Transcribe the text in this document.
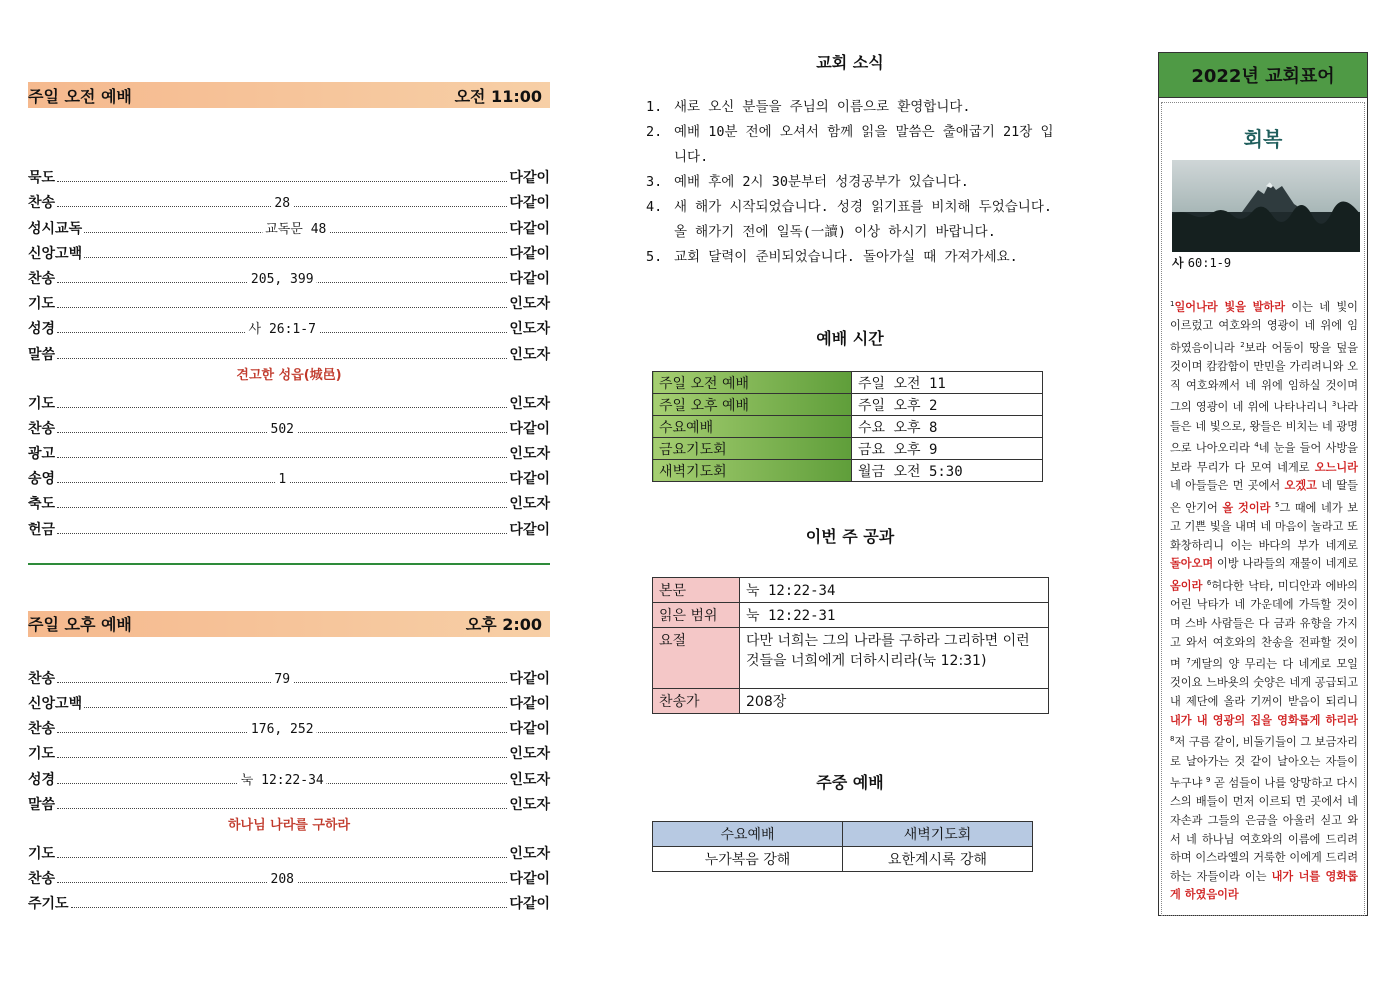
주일 오전 예배	오전 11:00
묵도	다같이
찬송	28	다같이
성시교독	교독문 48	다같이
신앙고백	다같이
찬송	205, 399	다같이
기도	인도자
성경	사 26:1-7	인도자
말씀	인도자
견고한 성읍(城邑)
기도	인도자
찬송	502	다같이
광고	인도자
송영	1	다같이
축도	인도자
헌금	다같이
주일 오후 예배	오후 2:00
찬송	79	다같이
신앙고백	다같이
찬송	176, 252	다같이
기도	인도자
성경	눅 12:22-34	인도자
말씀	인도자
하나님 나라를 구하라
기도	인도자
찬송	208	다같이
주기도	다같이
교회 소식
1. 새로 오신 분들을 주님의 이름으로 환영합니다.
2. 예배 10분 전에 오셔서 함께 읽을 말씀은 출애굽기 21장 입니다.
3. 예배 후에 2시 30분부터 성경공부가 있습니다.
4. 새 해가 시작되었습니다. 성경 읽기표를 비치해 두었습니다. 올 해가기 전에 일독(一讀) 이상 하시기 바랍니다.
5. 교회 달력이 준비되었습니다. 돌아가실 때 가져가세요.
예배 시간
주일 오전 예배	주일 오전 11
주일 오후 예배	주일 오후 2
수요예배	수요 오후 8
금요기도회	금요 오후 9
새벽기도회	월금 오전 5:30
이번 주 공과
본문	눅 12:22-34
읽은 범위	눅 12:22-31
요절	다만 너희는 그의 나라를 구하라 그리하면 이런 것들을 너희에게 더하시리라(눅 12:31)
찬송가	208장
주중 예배
수요예배	새벽기도회
누가복음 강해	요한계시록 강해
2022년 교회표어
회복
사 60:1-9
$^1$일어나라 빛을 발하라 이는 네 빛이 이르렀고 여호와의 영광이 네 위에 임하였음이니라 $^2$보라 어둠이 땅을 덮을 것이며 캄캄함이 만민을 가리려니와 오직 여호와께서 네 위에 임하실 것이며 그의 영광이 네 위에 나타나리니 $^3$나라들은 네 빛으로, 왕들은 비치는 네 광명으로 나아오리라 $^4$네 눈을 들어 사방을 보라 무리가 다 모여 네게로 오느니라 네 아들들은 먼 곳에서 오겠고 네 딸들은 안기어 올 것이라 $^5$그 때에 네가 보고 기쁜 빛을 내며 네 마음이 놀라고 또 화창하리니 이는 바다의 부가 네게로 돌아오며 이방 나라들의 재물이 네게로 옴이라 $^6$허다한 낙타, 미디안과 에바의 어린 낙타가 네 가운데에 가득할 것이며 스바 사람들은 다 금과 유향을 가지고 와서 여호와의 찬송을 전파할 것이며 $^7$게달의 양 무리는 다 네게로 모일 것이요 느바욧의 숫양은 네게 공급되고 내 제단에 올라 기꺼이 받음이 되리니 내가 내 영광의 집을 영화롭게 하리라 $^8$저 구름 같이, 비둘기들이 그 보금자리로 날아가는 것 같이 날아오는 자들이 누구냐 $^9$ 곧 섬들이 나를 앙망하고 다시스의 배들이 먼저 이르되 먼 곳에서 네 자손과 그들의 은금을 아울러 싣고 와서 네 하나님 여호와의 이름에 드리려 하며 이스라엘의 거룩한 이에게 드리려 하는 자들이라 이는 내가 너를 영화롭게 하였음이라
